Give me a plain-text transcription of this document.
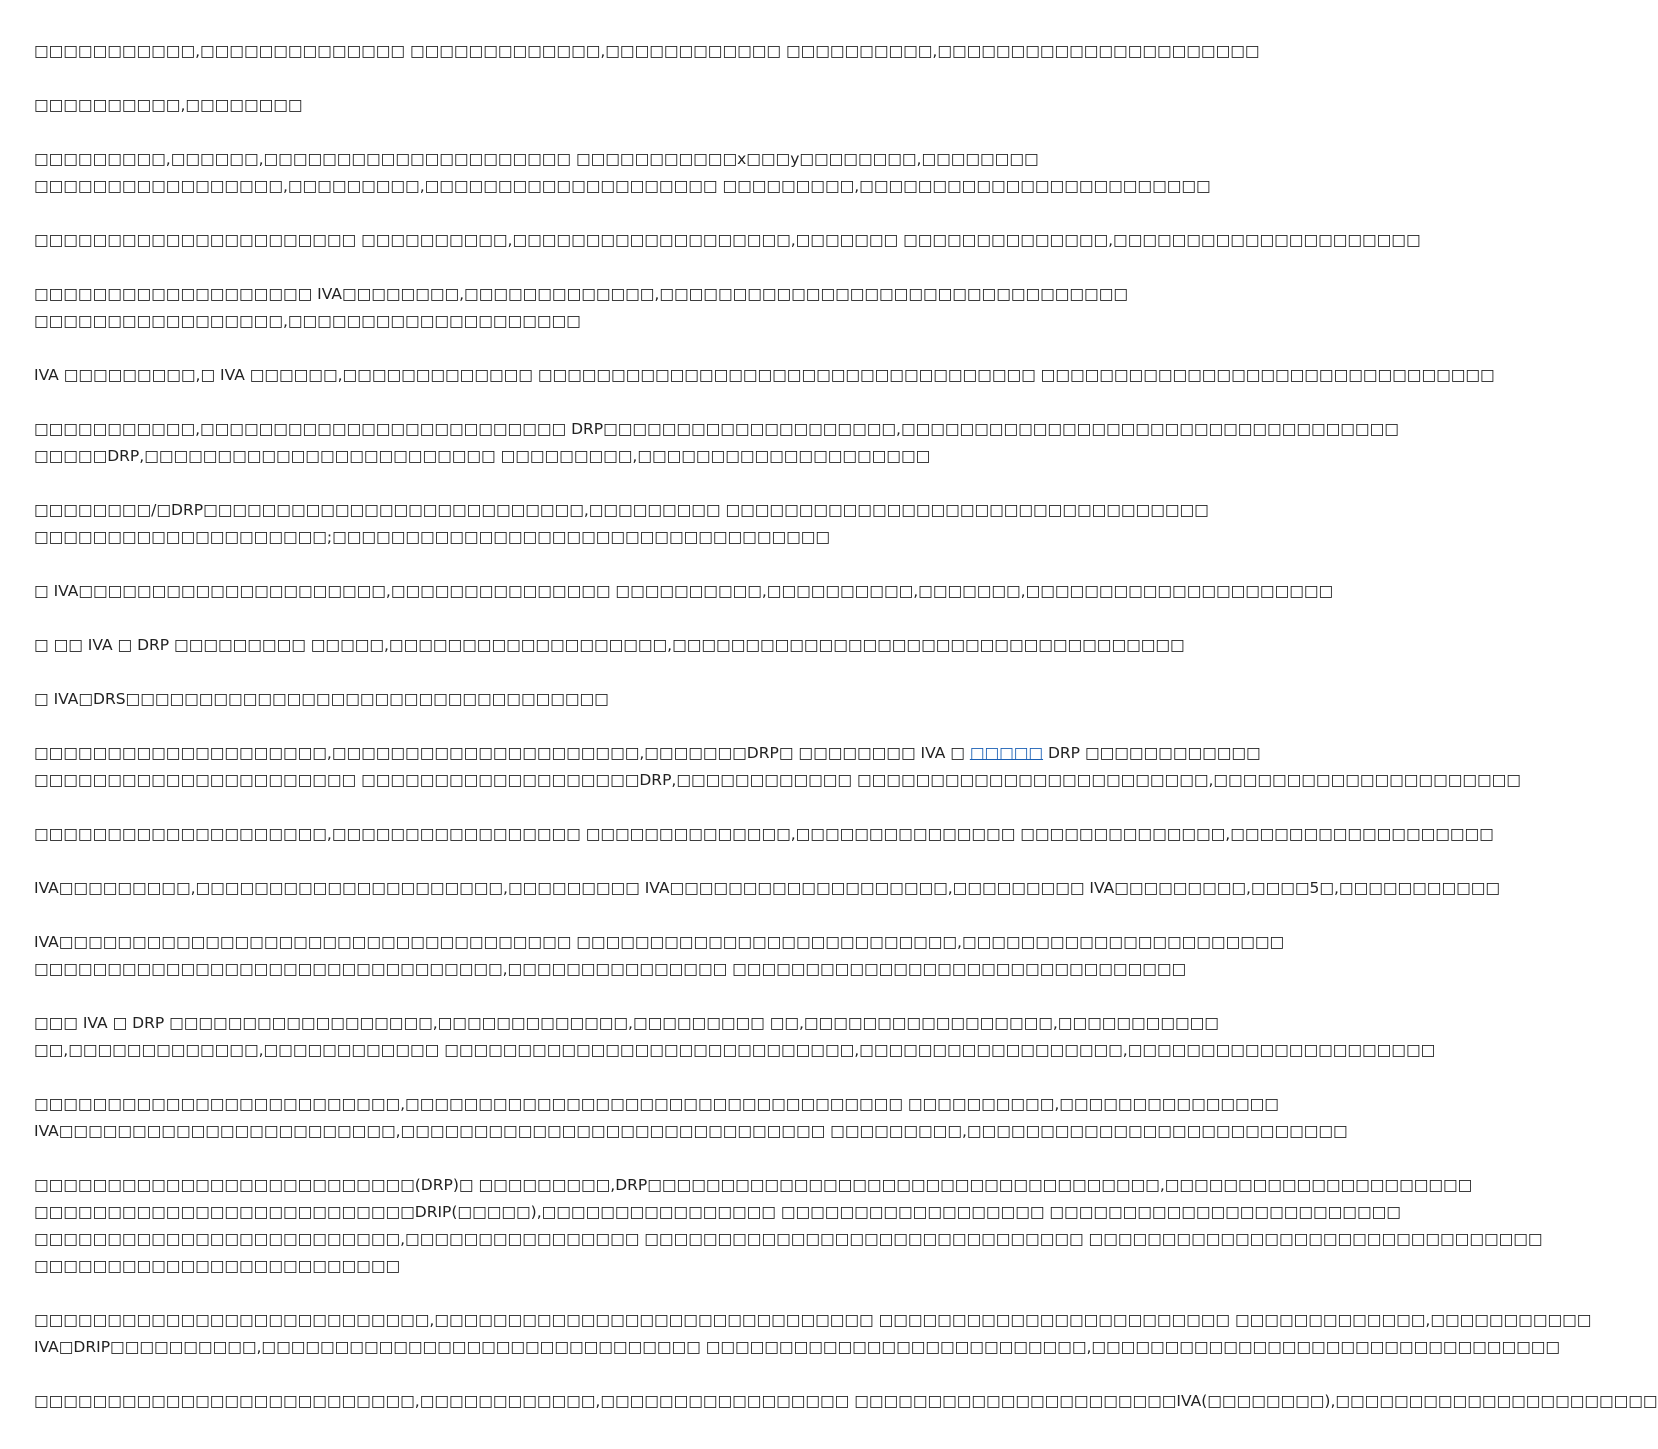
□□□□□□□□□□□,□□□□□□□□□□□□□□ □□□□□□□□□□□□□,□□□□□□□□□□□□ □□□□□□□□□□,□□□□□□□□□□□□□□□□□□□□□□

□□□□□□□□□□,□□□□□□□□

□□□□□□□□□,□□□□□□,□□□□□□□□□□□□□□□□□□□□□ □□□□□□□□□□□x□□□y□□□□□□□□,□□□□□□□□
□□□□□□□□□□□□□□□□□,□□□□□□□□□,□□□□□□□□□□□□□□□□□□□□ □□□□□□□□□,□□□□□□□□□□□□□□□□□□□□□□□□

□□□□□□□□□□□□□□□□□□□□□□ □□□□□□□□□□,□□□□□□□□□□□□□□□□□□□,□□□□□□□ □□□□□□□□□□□□□□,□□□□□□□□□□□□□□□□□□□□□

□□□□□□□□□□□□□□□□□□□ IVA□□□□□□□□,□□□□□□□□□□□□□,□□□□□□□□□□□□□□□□□□□□□□□□□□□□□□□□
□□□□□□□□□□□□□□□□□,□□□□□□□□□□□□□□□□□□□□

IVA □□□□□□□□□,□ IVA □□□□□□,□□□□□□□□□□□□□ □□□□□□□□□□□□□□□□□□□□□□□□□□□□□□□□□□ □□□□□□□□□□□□□□□□□□□□□□□□□□□□□□□

□□□□□□□□□□□,□□□□□□□□□□□□□□□□□□□□□□□□□ DRP□□□□□□□□□□□□□□□□□□□□,□□□□□□□□□□□□□□□□□□□□□□□□□□□□□□□□□□
□□□□□DRP,□□□□□□□□□□□□□□□□□□□□□□□□ □□□□□□□□□,□□□□□□□□□□□□□□□□□□□□

□□□□□□□□/□DRP□□□□□□□□□□□□□□□□□□□□□□□□□□,□□□□□□□□□ □□□□□□□□□□□□□□□□□□□□□□□□□□□□□□□□□
□□□□□□□□□□□□□□□□□□□□;□□□□□□□□□□□□□□□□□□□□□□□□□□□□□□□□□□

□ IVA□□□□□□□□□□□□□□□□□□□□□,□□□□□□□□□□□□□□□ □□□□□□□□□□,□□□□□□□□□□,□□□□□□□,□□□□□□□□□□□□□□□□□□□□□

□ □□ IVA □ DRP □□□□□□□□□ □□□□□,□□□□□□□□□□□□□□□□□□□,□□□□□□□□□□□□□□□□□□□□□□□□□□□□□□□□□□□

□ IVA□DRS□□□□□□□□□□□□□□□□□□□□□□□□□□□□□□□□□

□□□□□□□□□□□□□□□□□□□□,□□□□□□□□□□□□□□□□□□□□□,□□□□□□□DRP□ □□□□□□□□ IVA □ □□□□□ DRP □□□□□□□□□□□□
□□□□□□□□□□□□□□□□□□□□□□ □□□□□□□□□□□□□□□□□□□DRP,□□□□□□□□□□□□ □□□□□□□□□□□□□□□□□□□□□□□□,□□□□□□□□□□□□□□□□□□□□□

□□□□□□□□□□□□□□□□□□□□,□□□□□□□□□□□□□□□□□ □□□□□□□□□□□□□□,□□□□□□□□□□□□□□□ □□□□□□□□□□□□□□,□□□□□□□□□□□□□□□□□□

IVA□□□□□□□□□,□□□□□□□□□□□□□□□□□□□□□,□□□□□□□□□ IVA□□□□□□□□□□□□□□□□□□□,□□□□□□□□□ IVA□□□□□□□□□,□□□□5□,□□□□□□□□□□□

IVA□□□□□□□□□□□□□□□□□□□□□□□□□□□□□□□□□□□ □□□□□□□□□□□□□□□□□□□□□□□□□□,□□□□□□□□□□□□□□□□□□□□□□
□□□□□□□□□□□□□□□□□□□□□□□□□□□□□□□□,□□□□□□□□□□□□□□□ □□□□□□□□□□□□□□□□□□□□□□□□□□□□□□□

□□□ IVA □ DRP □□□□□□□□□□□□□□□□□□,□□□□□□□□□□□□□,□□□□□□□□□ □□,□□□□□□□□□□□□□□□□□,□□□□□□□□□□□
□□,□□□□□□□□□□□□□,□□□□□□□□□□□□ □□□□□□□□□□□□□□□□□□□□□□□□□□□□,□□□□□□□□□□□□□□□□□□,□□□□□□□□□□□□□□□□□□□□□

□□□□□□□□□□□□□□□□□□□□□□□□□,□□□□□□□□□□□□□□□□□□□□□□□□□□□□□□□□□□ □□□□□□□□□□,□□□□□□□□□□□□□□□
IVA□□□□□□□□□□□□□□□□□□□□□□□,□□□□□□□□□□□□□□□□□□□□□□□□□□□□□ □□□□□□□□□,□□□□□□□□□□□□□□□□□□□□□□□□□□

□□□□□□□□□□□□□□□□□□□□□□□□□□(DRP)□ □□□□□□□□□,DRP□□□□□□□□□□□□□□□□□□□□□□□□□□□□□□□□□□□,□□□□□□□□□□□□□□□□□□□□□
□□□□□□□□□□□□□□□□□□□□□□□□□□DRIP(□□□□□),□□□□□□□□□□□□□□□□ □□□□□□□□□□□□□□□□□□ □□□□□□□□□□□□□□□□□□□□□□□□
□□□□□□□□□□□□□□□□□□□□□□□□□,□□□□□□□□□□□□□□□□ □□□□□□□□□□□□□□□□□□□□□□□□□□□□□□ □□□□□□□□□□□□□□□□□□□□□□□□□□□□□□□
□□□□□□□□□□□□□□□□□□□□□□□□□

□□□□□□□□□□□□□□□□□□□□□□□□□□□,□□□□□□□□□□□□□□□□□□□□□□□□□□□□□□ □□□□□□□□□□□□□□□□□□□□□□□□ □□□□□□□□□□□□□,□□□□□□□□□□□
IVA□DRIP□□□□□□□□□□,□□□□□□□□□□□□□□□□□□□□□□□□□□□□□□ □□□□□□□□□□□□□□□□□□□□□□□□□□,□□□□□□□□□□□□□□□□□□□□□□□□□□□□□□□□

□□□□□□□□□□□□□□□□□□□□□□□□□□,□□□□□□□□□□□□,□□□□□□□□□□□□□□□□□ □□□□□□□□□□□□□□□□□□□□□□IVA(□□□□□□□□),□□□□□□□□□□□□□□□□□□□□□□
